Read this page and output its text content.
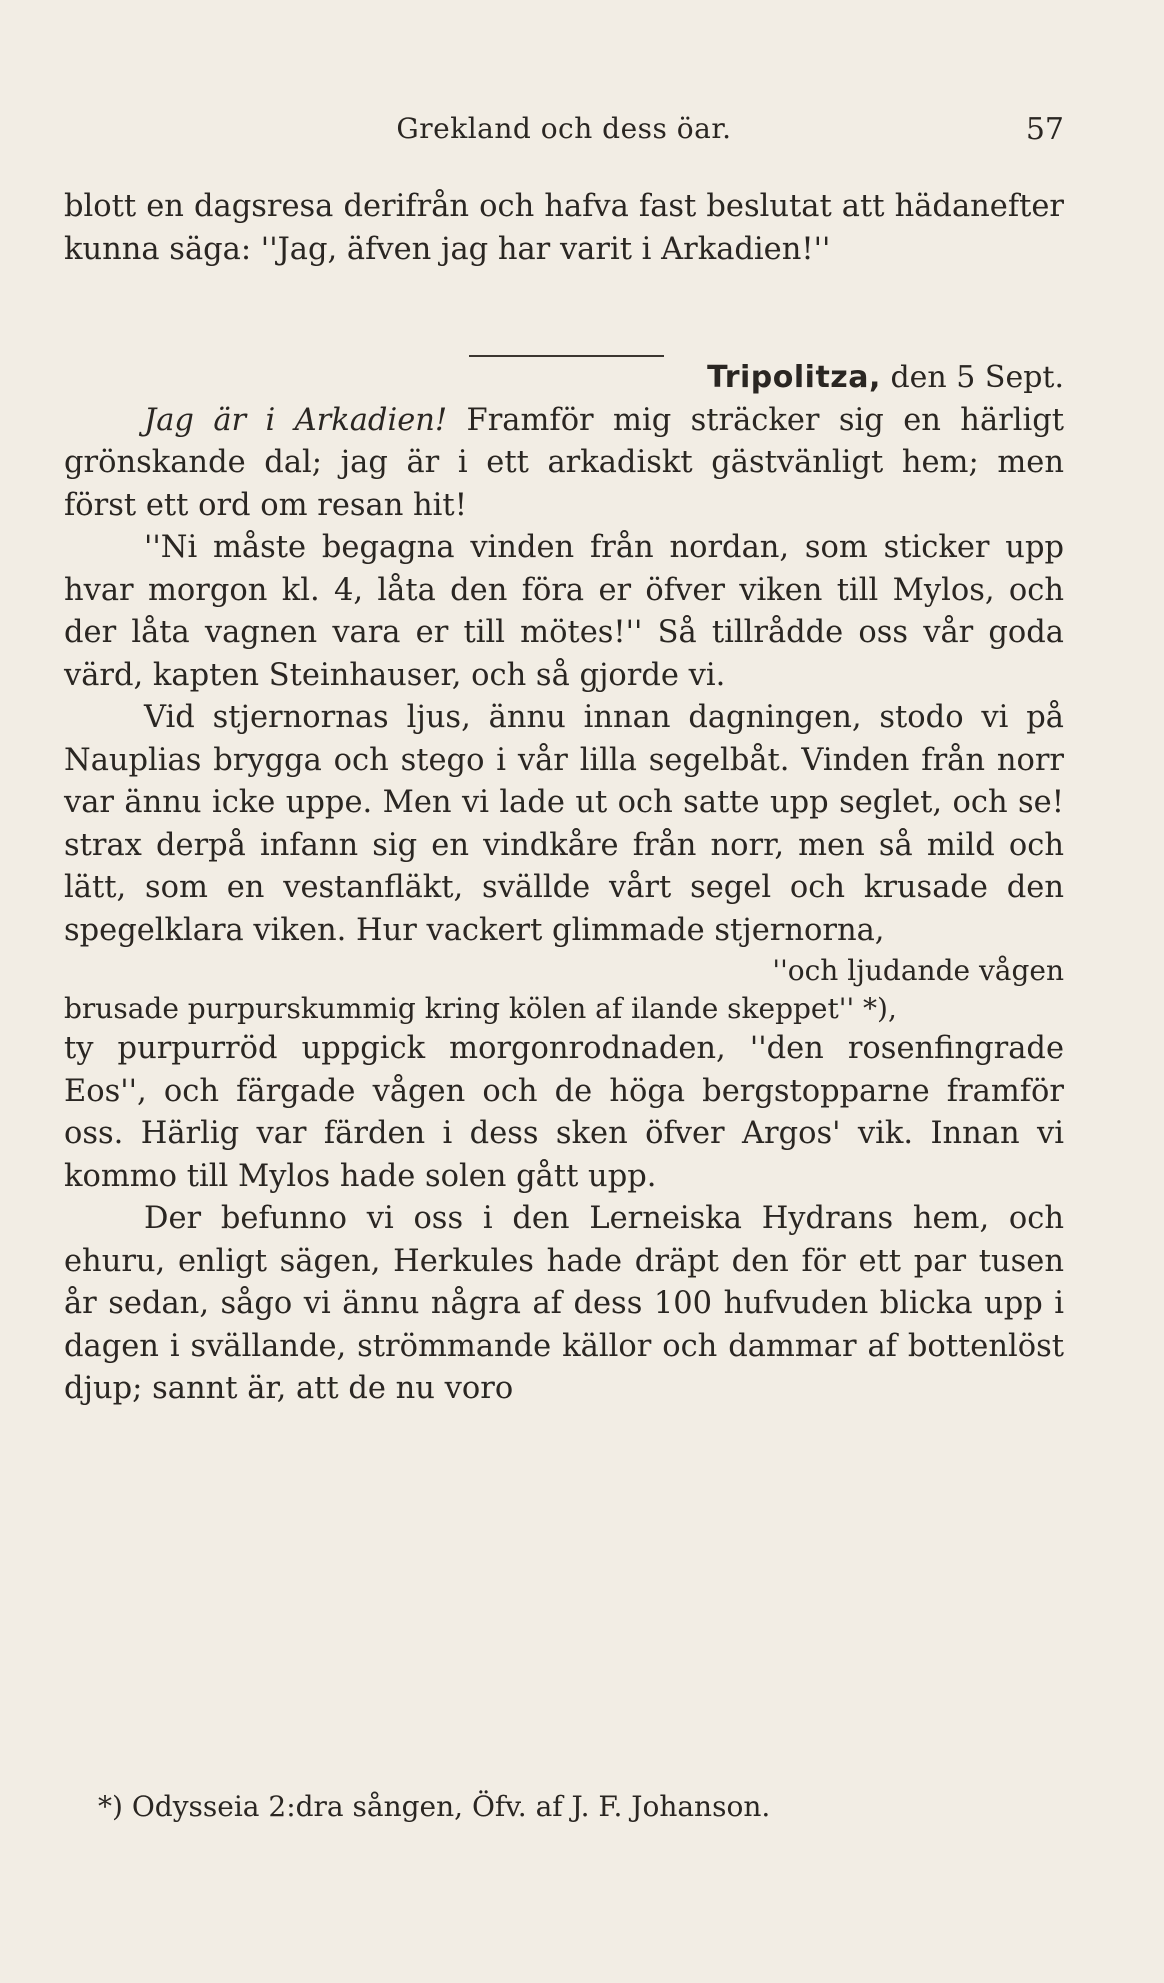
Grekland och dess öar.	57

blott en dagsresa derifrån och hafva fast beslutat att hädanefter kunna säga: ''Jag, äfven jag har varit i Arkadien!''

Tripolitza, den 5 Sept.

Jag är i Arkadien! Framför mig sträcker sig en härligt grönskande dal; jag är i ett arkadiskt gästvänligt hem; men först ett ord om resan hit!

''Ni måste begagna vinden från nordan, som sticker upp hvar morgon kl. 4, låta den föra er öfver viken till Mylos, och der låta vagnen vara er till mötes!'' Så tillrådde oss vår goda värd, kapten Steinhauser, och så gjorde vi.

Vid stjernornas ljus, ännu innan dagningen, stodo vi på Nauplias brygga och stego i vår lilla segelbåt. Vinden från norr var ännu icke uppe. Men vi lade ut och satte upp seglet, och se! strax derpå infann sig en vindkåre från norr, men så mild och lätt, som en vestanfläkt, svällde vårt segel och krusade den spegelklara viken. Hur vackert glimmade stjernorna,

''och ljudande vågen

brusade purpurskummig kring kölen af ilande skeppet'' *),

ty purpurröd uppgick morgonrodnaden, ''den rosenfingrade Eos'', och färgade vågen och de höga bergstopparne framför oss. Härlig var färden i dess sken öfver Argos' vik. Innan vi kommo till Mylos hade solen gått upp.

Der befunno vi oss i den Lerneiska Hydrans hem, och ehuru, enligt sägen, Herkules hade dräpt den för ett par tusen år sedan, sågo vi ännu några af dess 100 hufvuden blicka upp i dagen i svällande, strömmande källor och dammar af bottenlöst djup; sannt är, att de nu voro

*) Odysseia 2:dra sången, Öfv. af J. F. Johanson.
